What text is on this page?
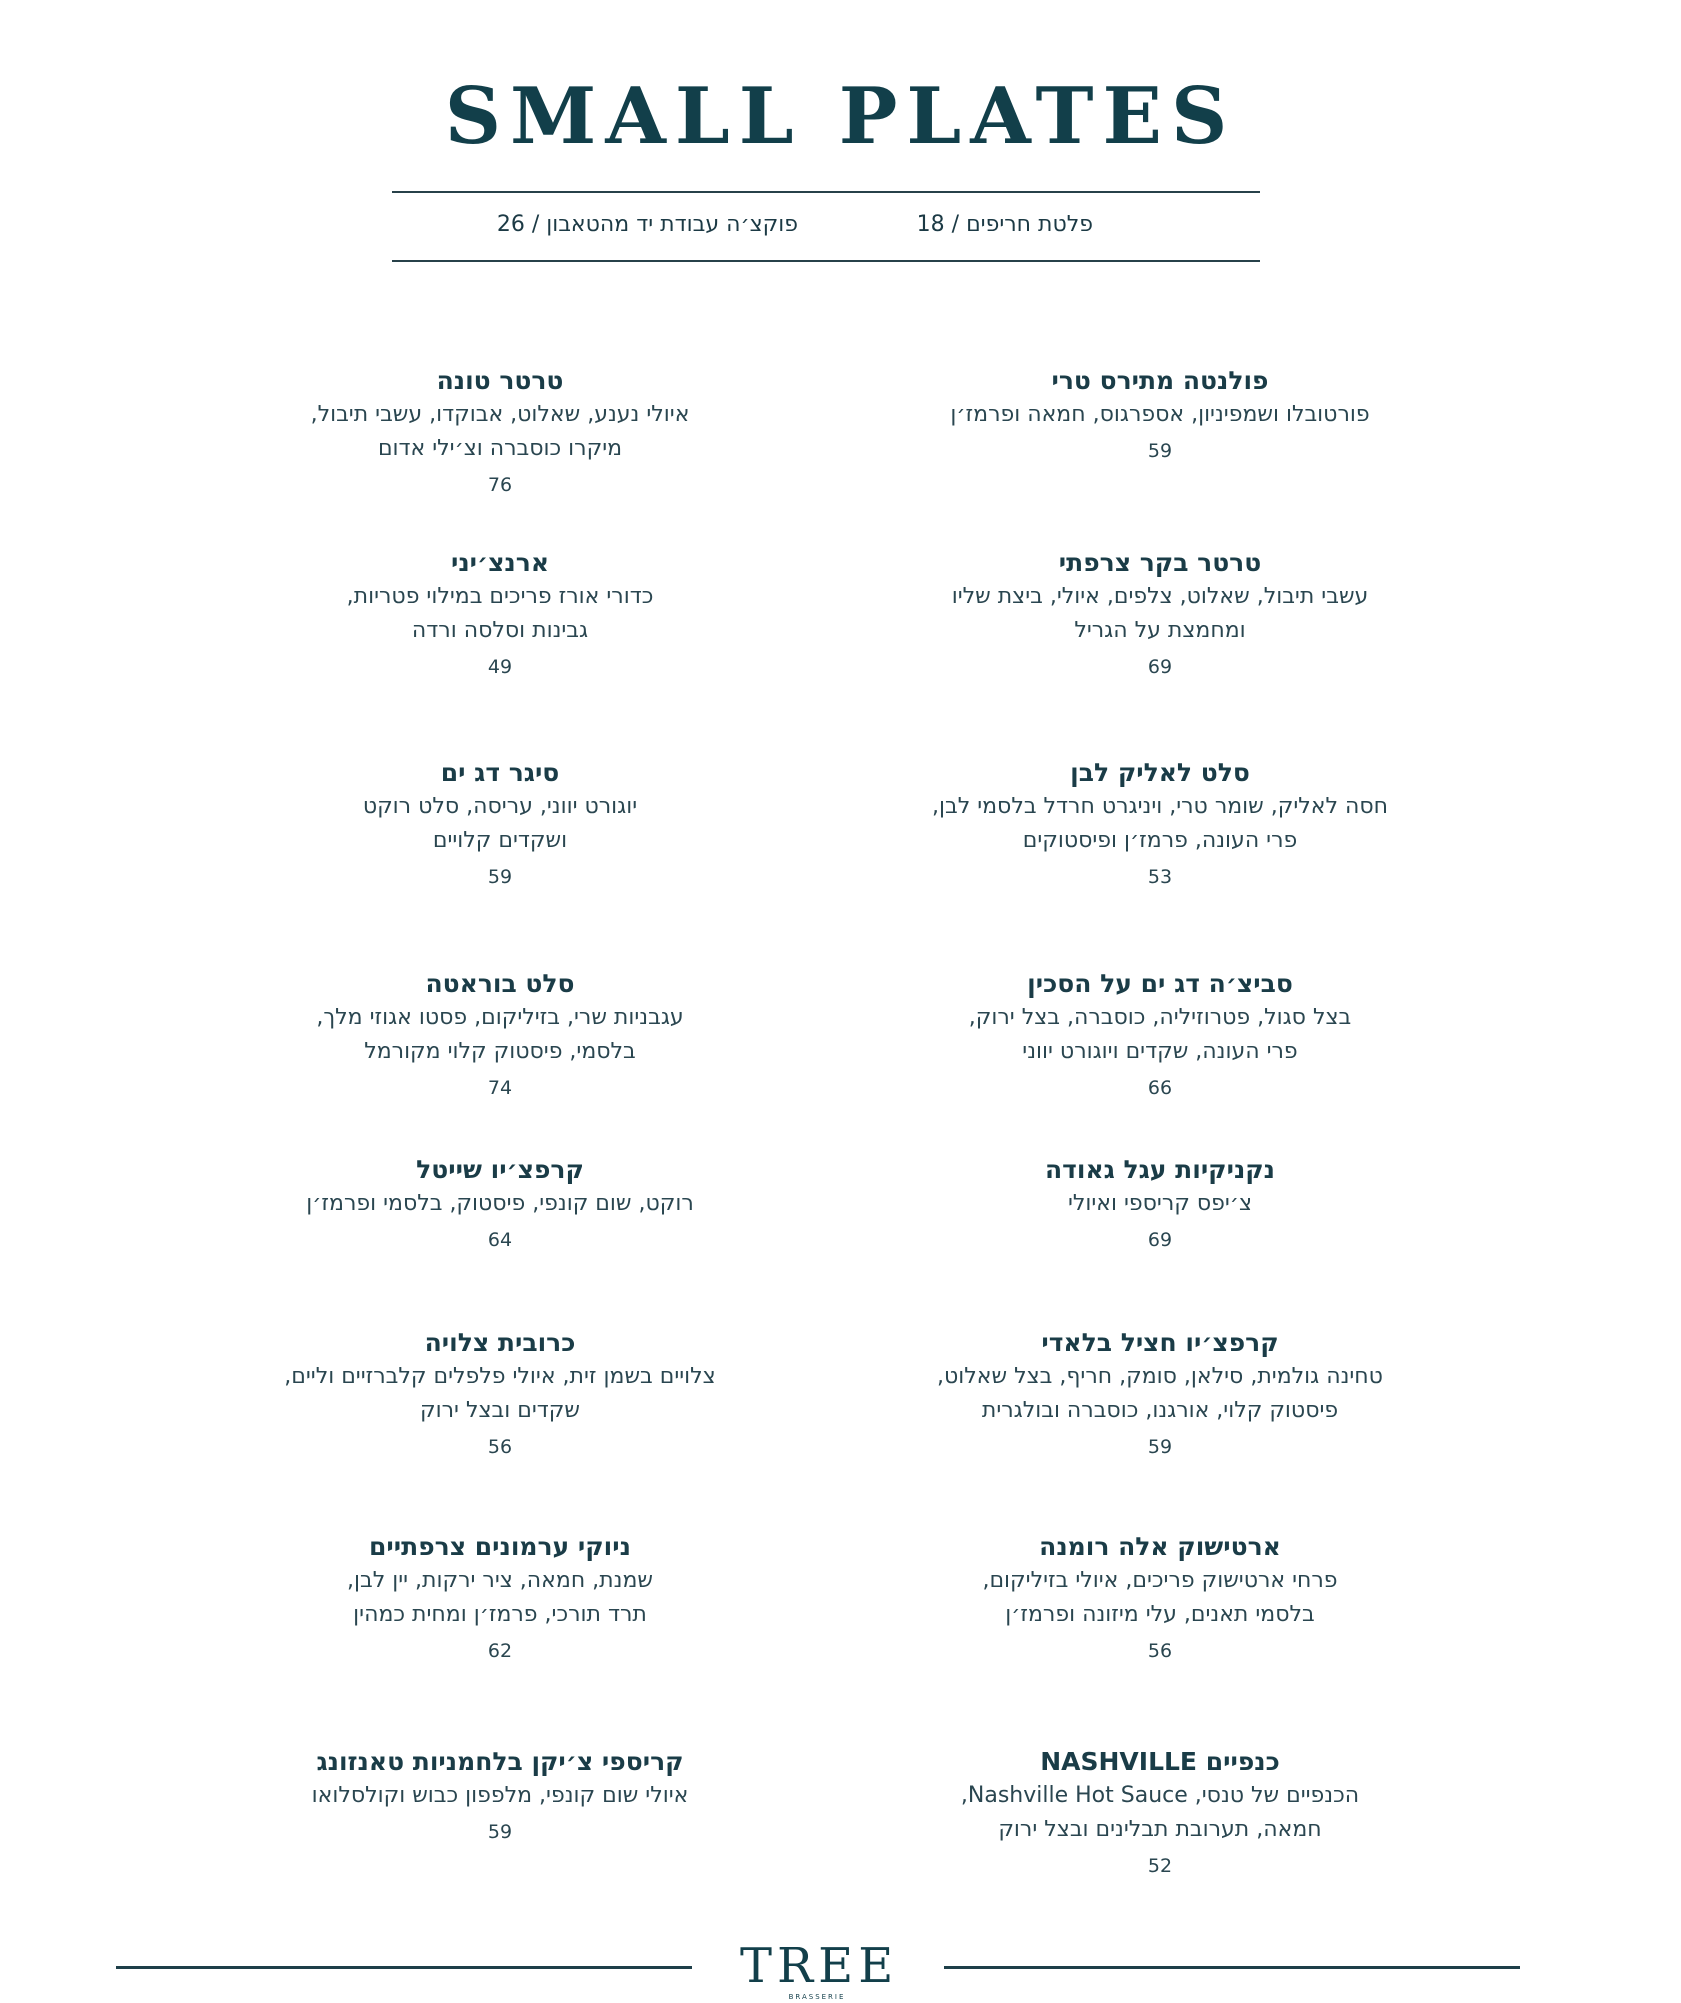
SMALL PLATES
פלטת חריפים / 18
פוקצ׳ה עבודת יד מהטאבון / 26
פולנטה מתירס טרי
פורטובלו ושמפיניון, אספרגוס, חמאה ופרמז׳ן
59
טרטר בקר צרפתי
עשבי תיבול, שאלוט, צלפים, איולי, ביצת שליו
ומחמצת על הגריל
69
סלט לאליק לבן
חסה לאליק, שומר טרי, ויניגרט חרדל בלסמי לבן,
פרי העונה, פרמז׳ן ופיסטוקים
53
סביצ׳ה דג ים על הסכין
בצל סגול, פטרוזיליה, כוסברה, בצל ירוק,
פרי העונה, שקדים ויוגורט יווני
66
נקניקיות עגל גאודה
צ׳יפס קריספי ואיולי
69
קרפצ׳יו חציל בלאדי
טחינה גולמית, סילאן, סומק, חריף, בצל שאלוט,
פיסטוק קלוי, אורגנו, כוסברה ובולגרית
59
ארטישוק אלה רומנה
פרחי ארטישוק פריכים, איולי בזיליקום,
בלסמי תאנים, עלי מיזונה ופרמז׳ן
56
כנפיים NASHVILLE
הכנפיים של טנסי, Nashville Hot Sauce,
חמאה, תערובת תבלינים ובצל ירוק
52
טרטר טונה
איולי נענע, שאלוט, אבוקדו, עשבי תיבול,
מיקרו כוסברה וצ׳ילי אדום
76
ארנצ׳יני
כדורי אורז פריכים במילוי פטריות,
גבינות וסלסה ורדה
49
סיגר דג ים
יוגורט יווני, עריסה, סלט רוקט
ושקדים קלויים
59
סלט בוראטה
עגבניות שרי, בזיליקום, פסטו אגוזי מלך,
בלסמי, פיסטוק קלוי מקורמל
74
קרפצ׳יו שייטל
רוקט, שום קונפי, פיסטוק, בלסמי ופרמז׳ן
64
כרובית צלויה
צלויים בשמן זית, איולי פלפלים קלברזיים וליים,
שקדים ובצל ירוק
56
ניוקי ערמונים צרפתיים
שמנת, חמאה, ציר ירקות, יין לבן,
תרד תורכי, פרמז׳ן ומחית כמהין
62
קריספי צ׳יקן בלחמניות טאנזונג
איולי שום קונפי, מלפפון כבוש וקולסלואו
59
TREE
BRASSERIE
